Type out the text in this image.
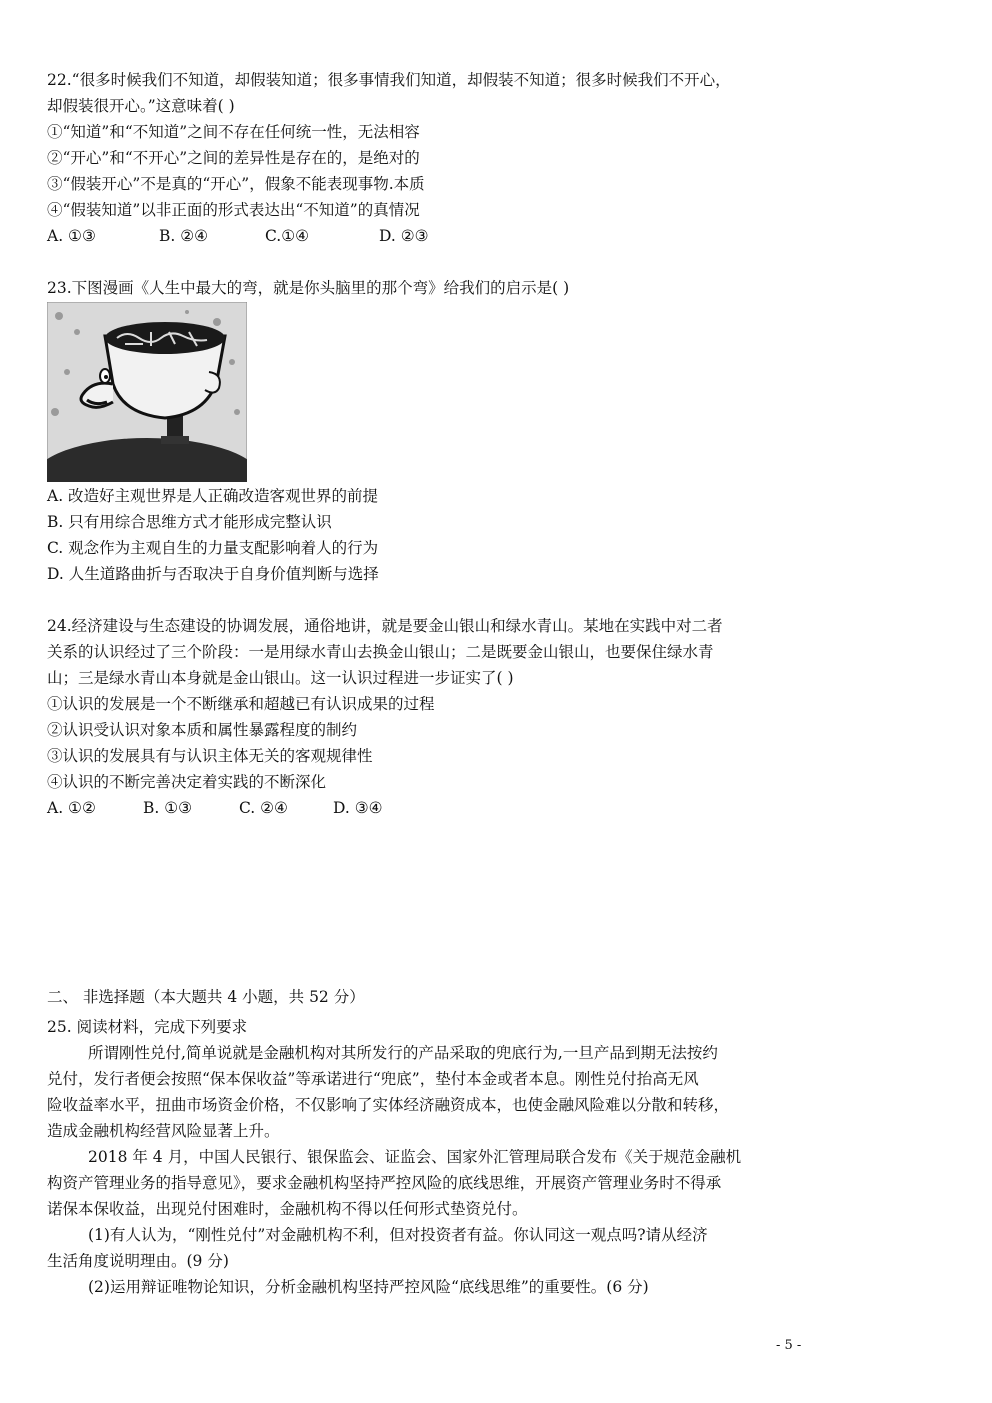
22.“很多时候我们不知道，却假装知道；很多事情我们知道，却假装不知道；很多时候我们不开心，
却假装很开心。”这意味着( )
①“知道”和“不知道”之间不存在任何统一性，无法相容
②“开心”和“不开心”之间的差异性是存在的，是绝对的
③“假装开心”不是真的“开心”，假象不能表现事物.本质
④“假装知道”以非正面的形式表达出“不知道”的真情况
A. ①③	B. ②④	C.①④	D. ②③
23.下图漫画《人生中最大的弯，就是你头脑里的那个弯》给我们的启示是( )
A. 改造好主观世界是人正确改造客观世界的前提
B. 只有用综合思维方式才能形成完整认识
C. 观念作为主观自生的力量支配影响着人的行为
D. 人生道路曲折与否取决于自身价值判断与选择
24.经济建设与生态建设的协调发展，通俗地讲，就是要金山银山和绿水青山。某地在实践中对二者
关系的认识经过了三个阶段：一是用绿水青山去换金山银山；二是既要金山银山，也要保住绿水青
山；三是绿水青山本身就是金山银山。这一认识过程进一步证实了( )
①认识的发展是一个不断继承和超越已有认识成果的过程
②认识受认识对象本质和属性暴露程度的制约
③认识的发展具有与认识主体无关的客观规律性
④认识的不断完善决定着实践的不断深化
A. ①②	B. ①③	C. ②④	D. ③④
二、 非选择题（本大题共 4 小题，共 52 分）
25. 阅读材料，完成下列要求
所谓刚性兑付,简单说就是金融机构对其所发行的产品采取的兜底行为,一旦产品到期无法按约
兑付，发行者便会按照“保本保收益”等承诺进行“兜底”，垫付本金或者本息。刚性兑付抬高无风
险收益率水平，扭曲市场资金价格，不仅影响了实体经济融资成本，也使金融风险难以分散和转移，
造成金融机构经营风险显著上升。
2018 年 4 月，中国人民银行、银保监会、证监会、国家外汇管理局联合发布《关于规范金融机
构资产管理业务的指导意见》，要求金融机构坚持严控风险的底线思维，开展资产管理业务时不得承
诺保本保收益，出现兑付困难时，金融机构不得以任何形式垫资兑付。
(1)有人认为，“刚性兑付”对金融机构不利，但对投资者有益。你认同这一观点吗?请从经济
生活角度说明理由。(9 分)
(2)运用辩证唯物论知识，分析金融机构坚持严控风险“底线思维”的重要性。(6 分)
- 5 -
